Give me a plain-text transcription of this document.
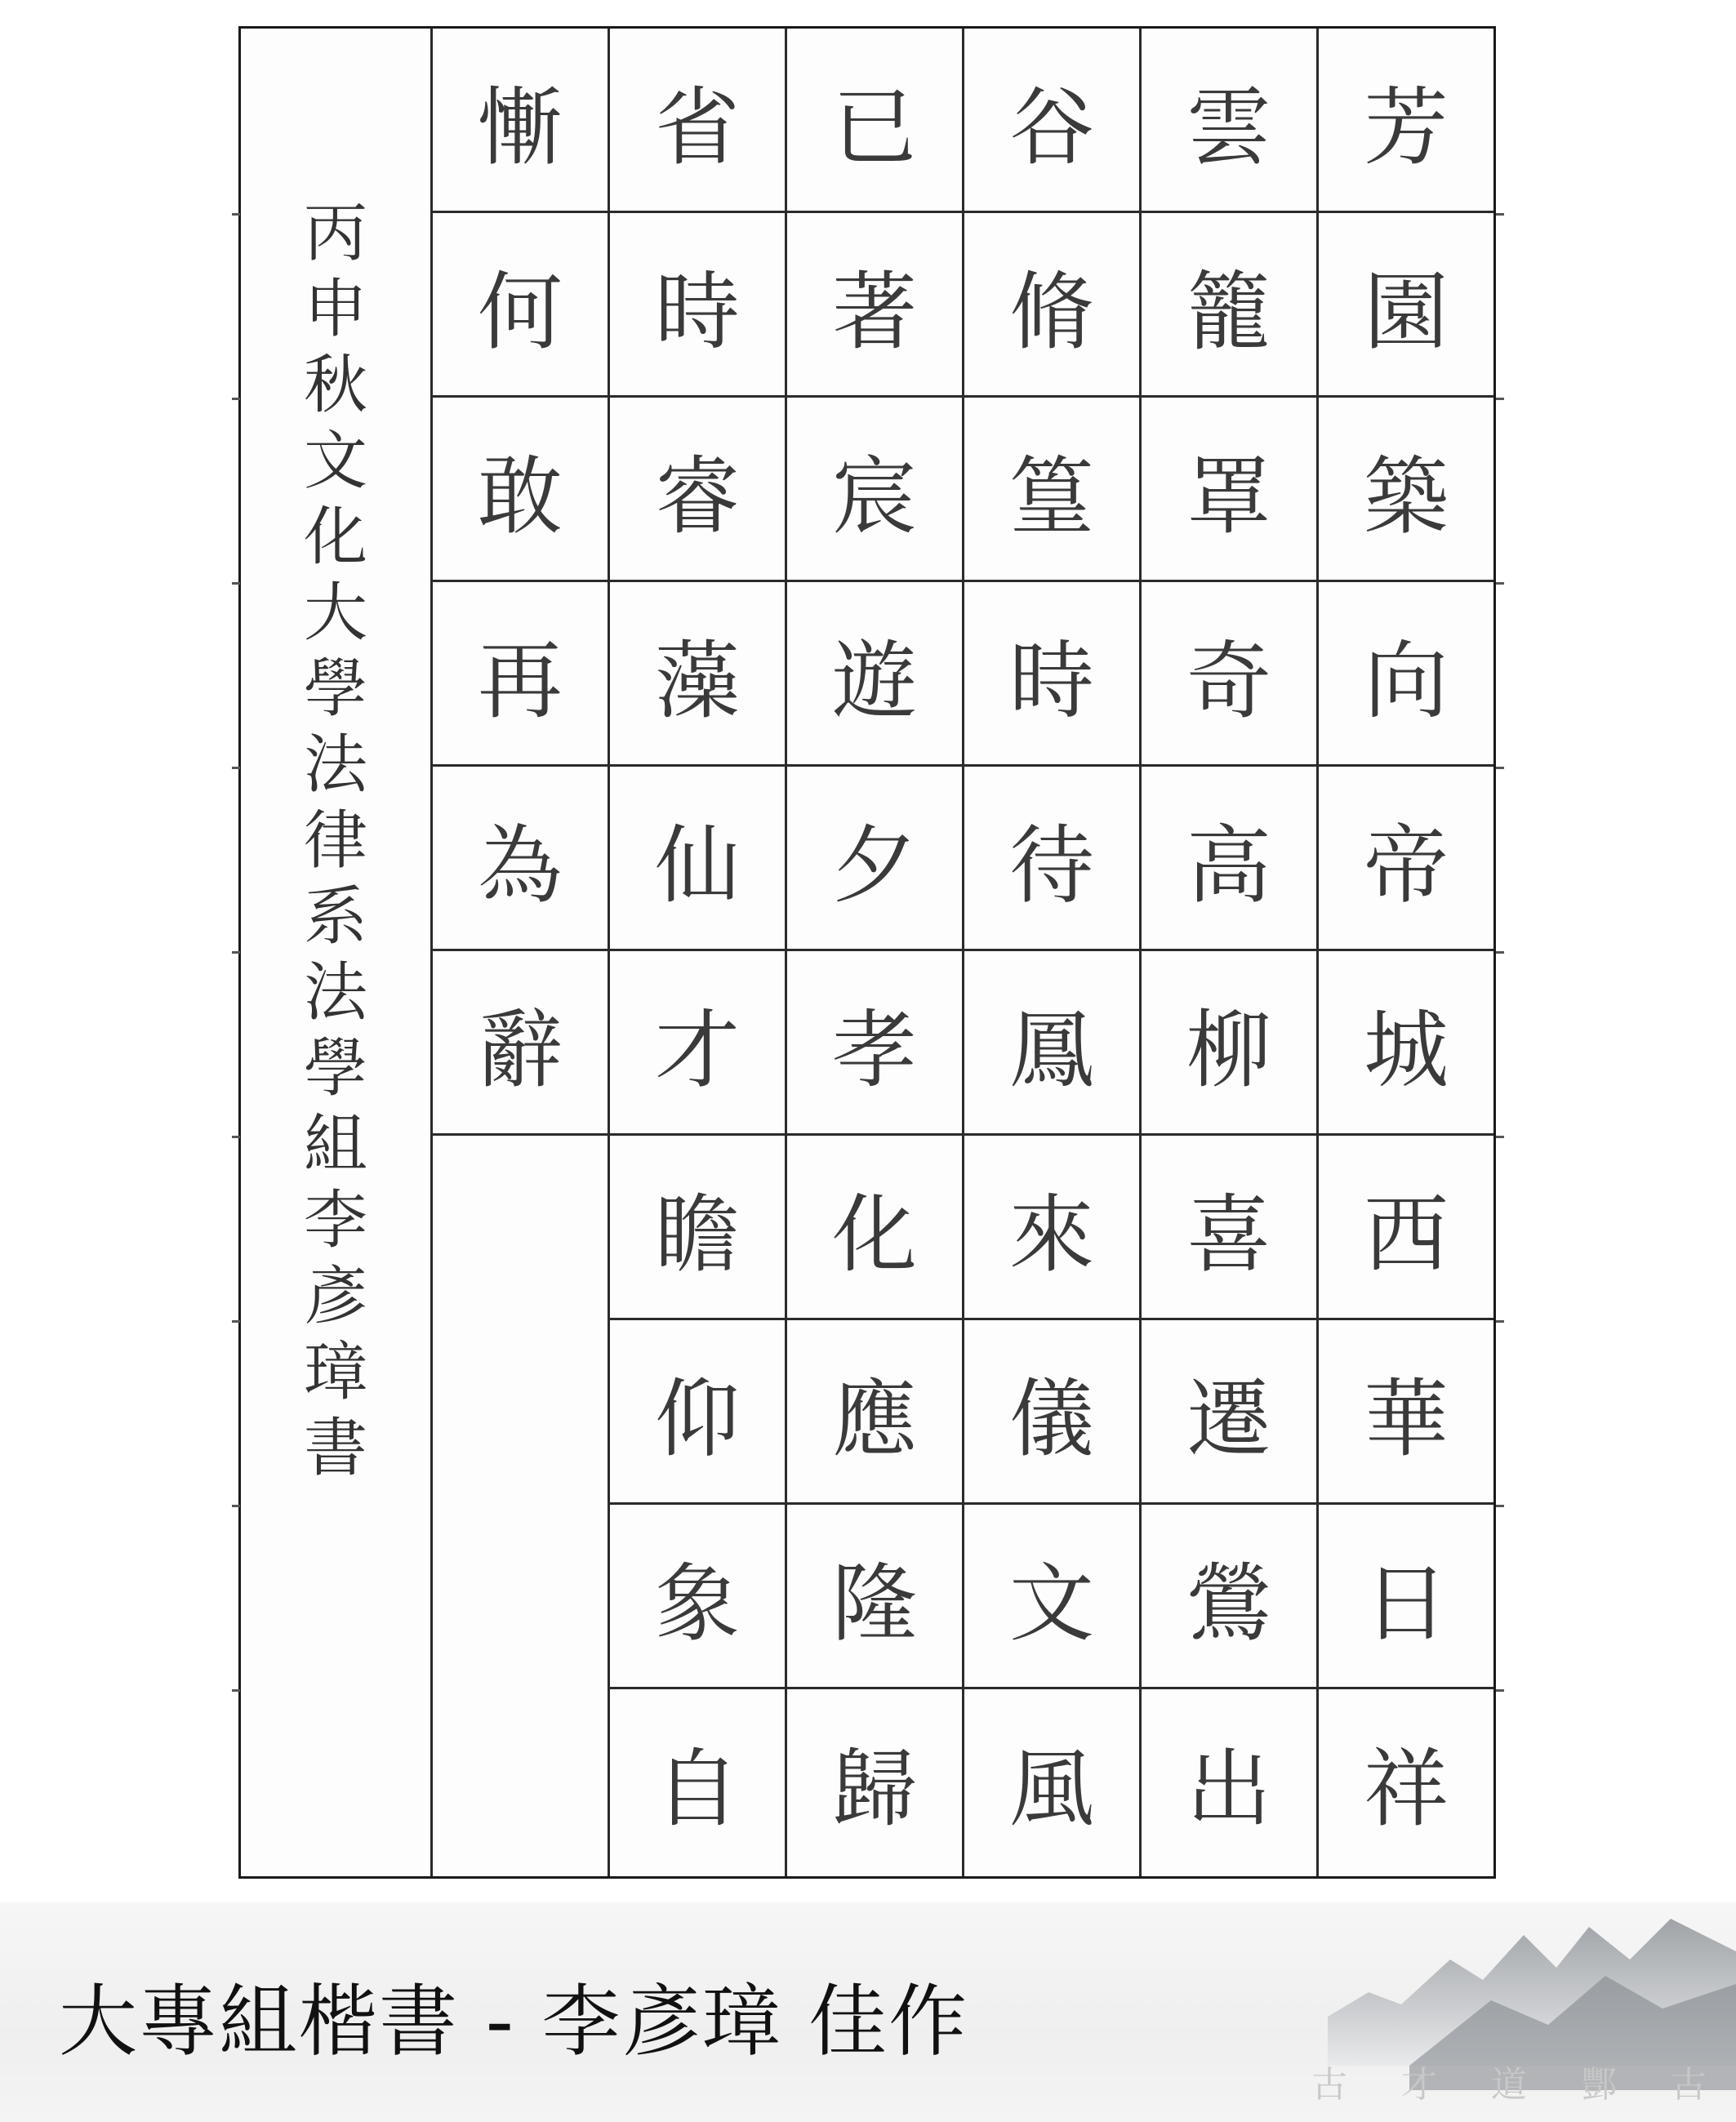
丙
申
秋
文
化
大
學
法
律
系
法
學
組
李
彥
璋
書
芳
園
築
向
帝
城
西
華
日
祥
雲
籠
罩
奇
高
柳
喜
遷
鶯
出
谷
脩
篁
時
待
鳳
來
儀
文
風
已
著
宸
遊
夕
孝
化
應
隆
歸
省
時
睿
藻
仙
才
瞻
仰
象
自
慚
何
敢
再
為
辭
大專組楷書 - 李彥璋 佳作
古 才 道 酆 古
